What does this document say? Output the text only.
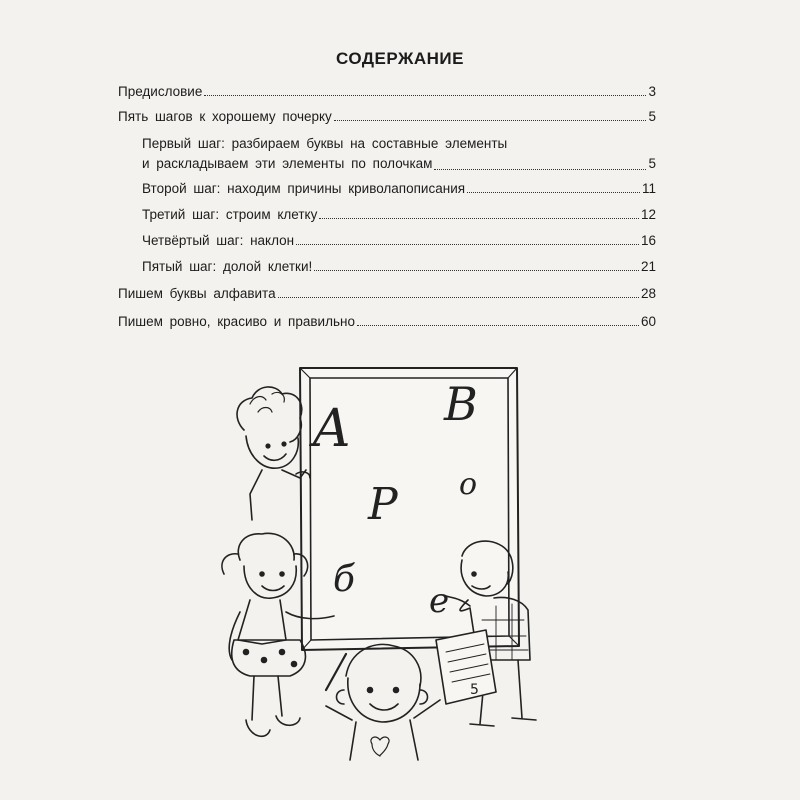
СОДЕРЖАНИЕ
Предисловие	3
Пять шагов к хорошему почерку	5
Первый шаг: разбираем буквы на составные элементы
и раскладываем эти элементы по полочкам	5
Второй шаг: находим причины криволапописания	11
Третий шаг: строим клетку	12
Четвёртый шаг: наклон	16
Пятый шаг: долой клетки!	21
Пишем буквы алфавита	28
Пишем ровно, красиво и правильно	60
А В
о
Р
б
е
5
